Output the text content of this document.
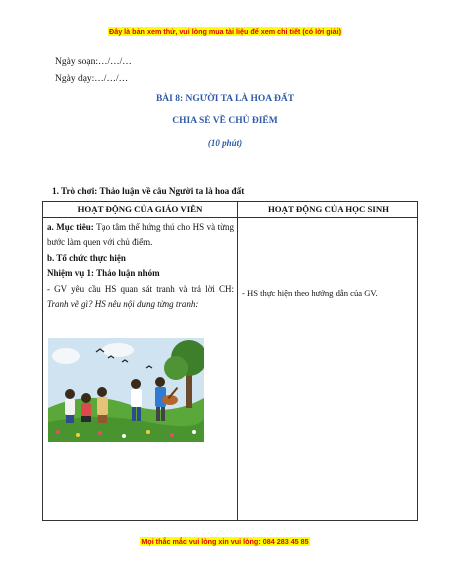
Đây là bản xem thử, vui lòng mua tài liệu để xem chi tiết (có lời giải)
Ngày soạn:…/…/…
Ngày dạy:…/…/…
BÀI 8: NGƯỜI TA LÀ HOA ĐẤT
CHIA SẺ VỀ CHỦ ĐIỂM
(10 phút)
1. Trò chơi: Thảo luận về câu Người ta là hoa đất
HOẠT ĐỘNG CỦA GIÁO VIÊN	HOẠT ĐỘNG CỦA HỌC SINH

a. Mục tiêu: Tạo tâm thế hứng thú cho HS và từng bước làm quen với chủ điểm.

b. Tổ chức thực hiện

Nhiệm vụ 1: Thảo luận nhóm

- GV yêu cầu HS quan sát tranh và trả lời CH: Tranh vẽ gì? HS nêu nội dung từng tranh:

- HS thực hiện theo hướng dẫn của GV.
Mọi thắc mắc vui lòng xin vui lòng: 084 283 45 85
